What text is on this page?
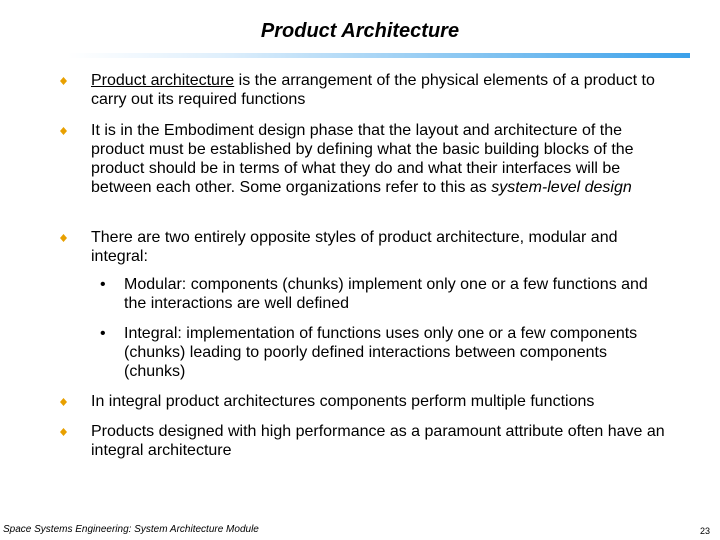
Product Architecture
Product architecture is the arrangement of the physical elements of a product to carry out its required functions
It is in the Embodiment design phase that the layout and architecture of the product must be established by defining what the basic building blocks of the product should be in terms of what they do and what their interfaces will be between each other. Some organizations refer to this as system-level design
There are two entirely opposite styles of product architecture, modular and integral:
• Modular: components (chunks) implement only one or a few functions and the interactions are well defined
• Integral: implementation of functions uses only one or a few components (chunks) leading to poorly defined interactions between components (chunks)
In integral product architectures components perform multiple functions
Products designed with high performance as a paramount attribute often have an integral architecture
Space Systems Engineering: System Architecture Module	23
